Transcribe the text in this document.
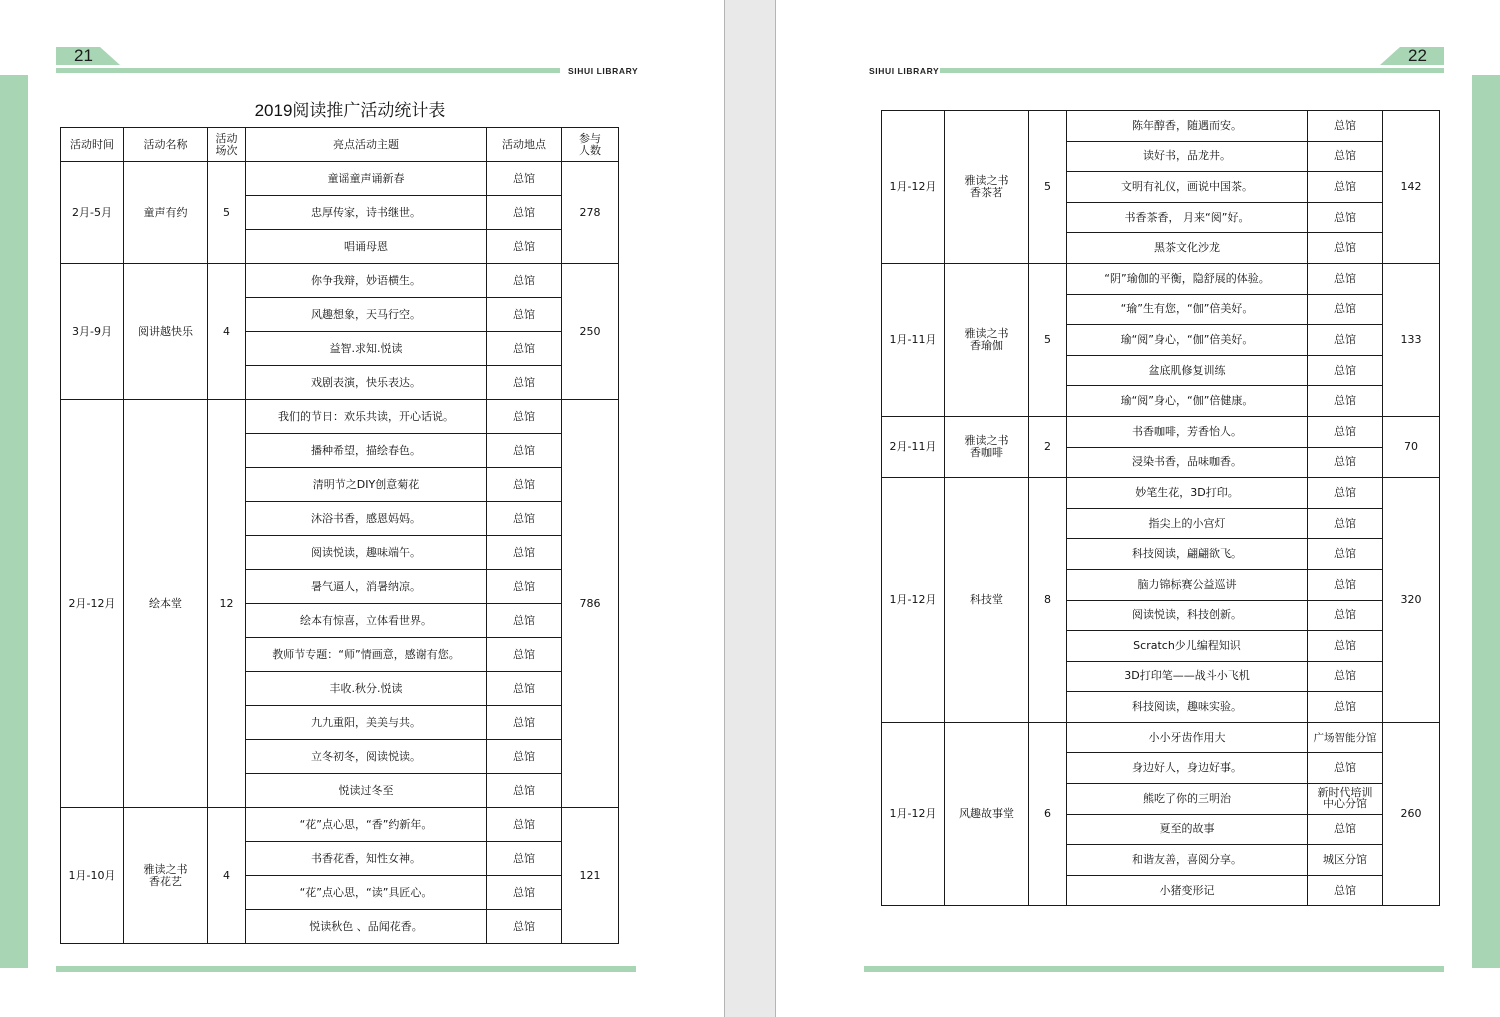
21
SIHUI LIBRARY
2019阅读推广活动统计表
活动时间	活动名称	活动场次	亮点活动主题	活动地点	参与人数
2月-5月	童声有约	5	童谣童声诵新春	总馆	278
			忠厚传家，诗书继世。	总馆	
			唱诵母恩	总馆	
3月-9月	阅讲越快乐	4	你争我辩，妙语横生。	总馆	250
			风趣想象，天马行空。	总馆	
			益智.求知.悦读	总馆	
			戏剧表演，快乐表达。	总馆	
2月-12月	绘本堂	12	我们的节日：欢乐共读，开心话说。	总馆	786
			播种希望，描绘春色。	总馆	
			清明节之DIY创意菊花	总馆	
			沐浴书香，感恩妈妈。	总馆	
			阅读悦读，趣味端午。	总馆	
			暑气逼人，消暑纳凉。	总馆	
			绘本有惊喜，立体看世界。	总馆	
			教师节专题：“师”情画意，感谢有您。	总馆	
			丰收.秋分.悦读	总馆	
			九九重阳，美美与共。	总馆	
			立冬初冬，阅读悦读。	总馆	
			悦读过冬至	总馆	
1月-10月	雅读之书香花艺	4	“花”点心思，“香”约新年。	总馆	121
			书香花香，知性女神。	总馆	
			“花”点心思，“读”具匠心。	总馆	
			悦读秋色 、品闻花香。	总馆	
22
SIHUI LIBRARY
1月-12月	雅读之书香茶茗	5	陈年醇香，随遇而安。	总馆	142
			读好书，品龙井。	总馆	
			文明有礼仪，画说中国茶。	总馆	
			书香茶香， 月来“阅”好。	总馆	
			黑茶文化沙龙	总馆	
1月-11月	雅读之书香瑜伽	5	“阴”瑜伽的平衡，隐舒展的体验。	总馆	133
			“瑜”生有您，“伽”倍美好。	总馆	
			瑜“阅”身心，“伽”倍美好。	总馆	
			盆底肌修复训练	总馆	
			瑜“阅”身心，“伽”倍健康。	总馆	
2月-11月	雅读之书香咖啡	2	书香咖啡，芳香怡人。	总馆	70
			浸染书香，品味咖香。	总馆	
1月-12月	科技堂	8	妙笔生花，3D打印。	总馆	320
			指尖上的小宫灯	总馆	
			科技阅读，翩翩欲飞。	总馆	
			脑力锦标赛公益巡讲	总馆	
			阅读悦读，科技创新。	总馆	
			Scratch少儿编程知识	总馆	
			3D打印笔——战斗小飞机	总馆	
			科技阅读，趣味实验。	总馆	
1月-12月	风趣故事堂	6	小小牙齿作用大	广场智能分馆	260
			身边好人，身边好事。	总馆	
			熊吃了你的三明治	新时代培训中心分馆	
			夏至的故事	总馆	
			和谐友善，喜阅分享。	城区分馆	
			小猪变形记	总馆	
